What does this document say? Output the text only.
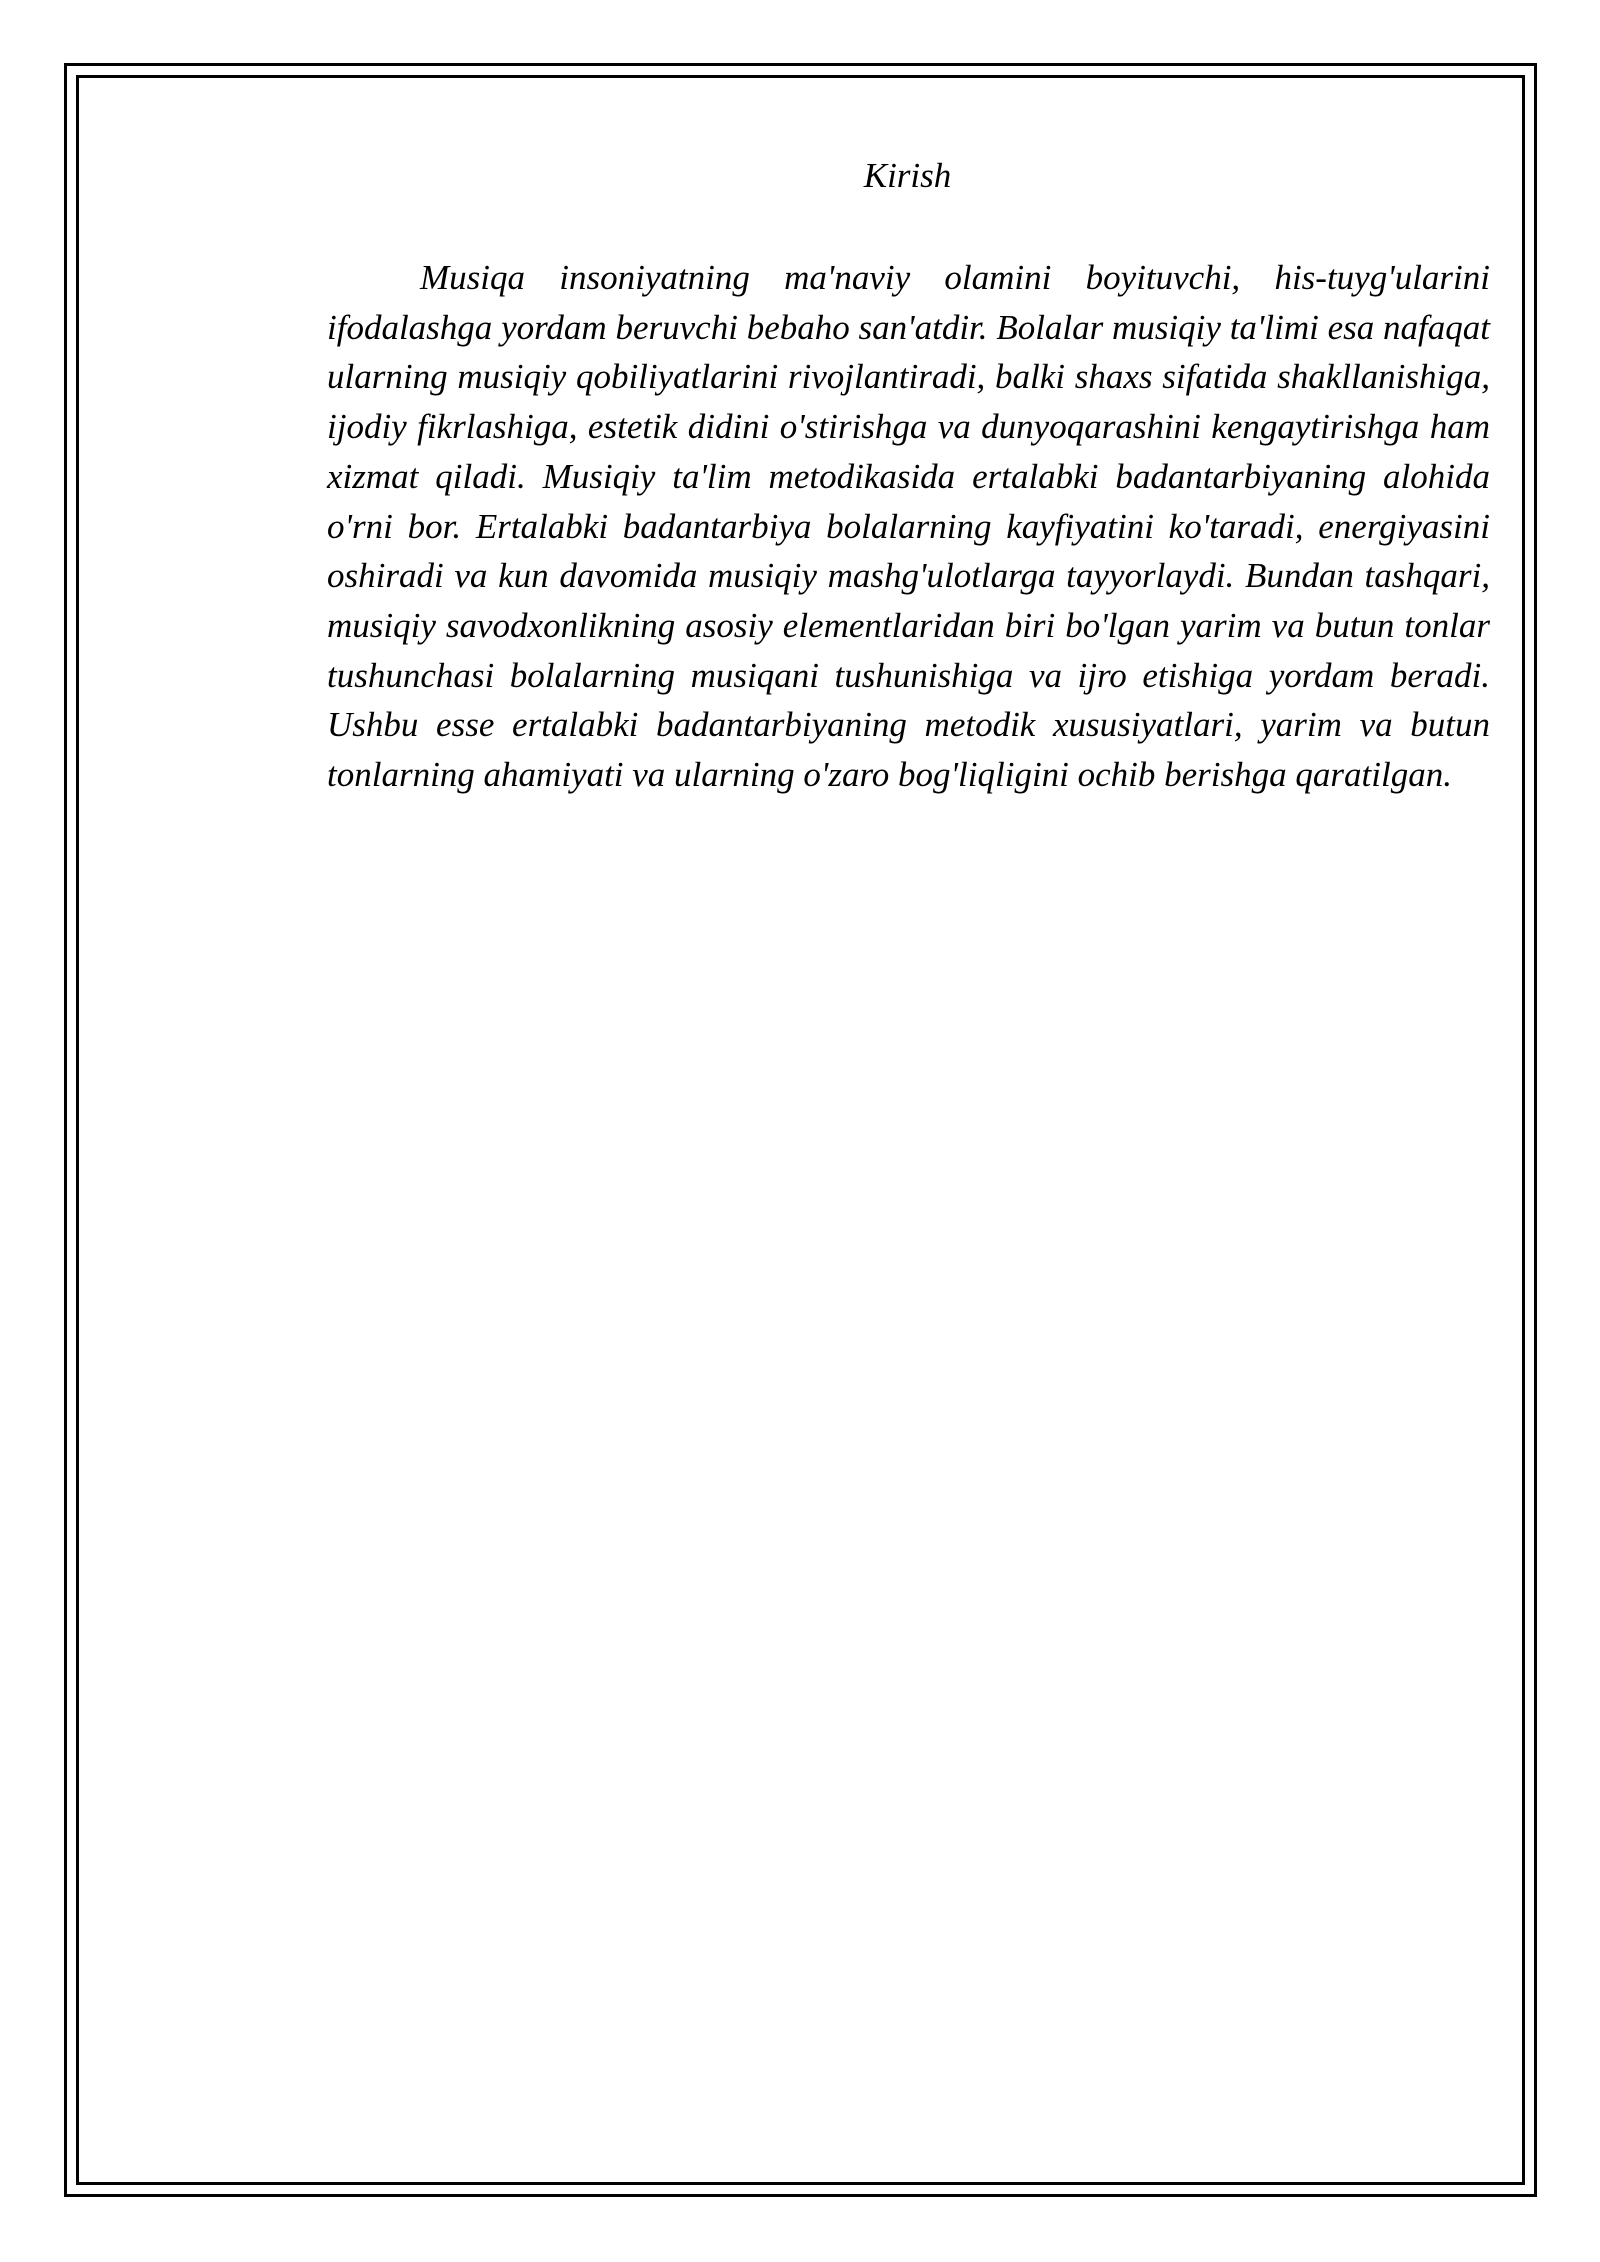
Kirish

Musiqa insoniyatning ma'naviy olamini boyituvchi, his-tuyg'ularini ifodalashga yordam beruvchi bebaho san'atdir. Bolalar musiqiy ta'limi esa nafaqat ularning musiqiy qobiliyatlarini rivojlantiradi, balki shaxs sifatida shakllanishiga, ijodiy fikrlashiga, estetik didini o'stirishga va dunyoqarashini kengaytirishga ham xizmat qiladi. Musiqiy ta'lim metodikasida ertalabki badantarbiyaning alohida o'rni bor. Ertalabki badantarbiya bolalarning kayfiyatini ko'taradi, energiyasini oshiradi va kun davomida musiqiy mashg'ulotlarga tayyorlaydi. Bundan tashqari, musiqiy savodxonlikning asosiy elementlaridan biri bo'lgan yarim va butun tonlar tushunchasi bolalarning musiqani tushunishiga va ijro etishiga yordam beradi. Ushbu esse ertalabki badantarbiyaning metodik xususiyatlari, yarim va butun tonlarning ahamiyati va ularning o'zaro bog'liqligini ochib berishga qaratilgan.
